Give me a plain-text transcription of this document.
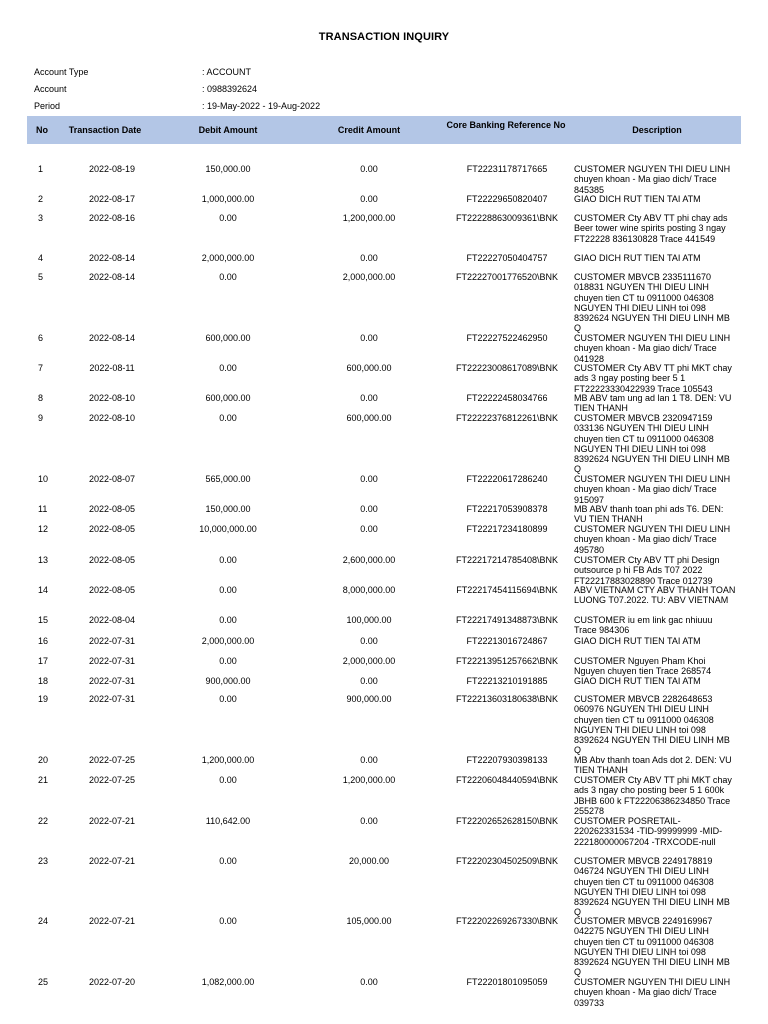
TRANSACTION INQUIRY
Account Type	: ACCOUNT
Account	: 0988392624
Period	: 19-May-2022 - 19-Aug-2022
No	Transaction Date	Debit Amount	Credit Amount	Core Banking Reference No	Description
1	2022-08-19	150,000.00	0.00	FT22231178717665	CUSTOMER NGUYEN THI DIEU LINH
chuyen khoan - Ma giao dich/ Trace
845385
2	2022-08-17	1,000,000.00	0.00	FT22229650820407	GIAO DICH RUT TIEN TAI ATM
3	2022-08-16	0.00	1,200,000.00	FT22228863009361\BNK	CUSTOMER Cty ABV TT phi chay ads
Beer tower wine spirits posting 3 ngay
FT22228 836130828 Trace 441549
4	2022-08-14	2,000,000.00	0.00	FT22227050404757	GIAO DICH RUT TIEN TAI ATM
5	2022-08-14	0.00	2,000,000.00	FT22227001776520\BNK	CUSTOMER MBVCB 2335111670
018831 NGUYEN THI DIEU LINH
chuyen tien CT tu 0911000 046308
NGUYEN THI DIEU LINH toi 098
8392624 NGUYEN THI DIEU LINH MB
Q
6	2022-08-14	600,000.00	0.00	FT22227522462950	CUSTOMER NGUYEN THI DIEU LINH
chuyen khoan - Ma giao dich/ Trace
041928
7	2022-08-11	0.00	600,000.00	FT22223008617089\BNK	CUSTOMER Cty ABV TT phi MKT chay
ads 3 ngay posting beer 5 1
FT22223330422939 Trace 105543
8	2022-08-10	600,000.00	0.00	FT22222458034766	MB ABV tam ung ad lan 1 T8. DEN: VU
TIEN THANH
9	2022-08-10	0.00	600,000.00	FT22222376812261\BNK	CUSTOMER MBVCB 2320947159
033136 NGUYEN THI DIEU LINH
chuyen tien CT tu 0911000 046308
NGUYEN THI DIEU LINH toi 098
8392624 NGUYEN THI DIEU LINH MB
Q
10	2022-08-07	565,000.00	0.00	FT22220617286240	CUSTOMER NGUYEN THI DIEU LINH
chuyen khoan - Ma giao dich/ Trace
915097
11	2022-08-05	150,000.00	0.00	FT22217053908378	MB ABV thanh toan phi ads T6. DEN:
VU TIEN THANH
12	2022-08-05	10,000,000.00	0.00	FT22217234180899	CUSTOMER NGUYEN THI DIEU LINH
chuyen khoan - Ma giao dich/ Trace
495780
13	2022-08-05	0.00	2,600,000.00	FT22217214785408\BNK	CUSTOMER Cty ABV TT phi Design
outsource p hi FB Ads T07 2022
FT22217883028890 Trace 012739
14	2022-08-05	0.00	8,000,000.00	FT22217454115694\BNK	ABV VIETNAM CTY ABV THANH TOAN
LUONG T07.2022. TU: ABV VIETNAM
15	2022-08-04	0.00	100,000.00	FT22217491348873\BNK	CUSTOMER iu em link gac nhiuuu
Trace 984306
16	2022-07-31	2,000,000.00	0.00	FT22213016724867	GIAO DICH RUT TIEN TAI ATM
17	2022-07-31	0.00	2,000,000.00	FT22213951257662\BNK	CUSTOMER Nguyen Pham Khoi
Nguyen chuyen tien Trace 268574
18	2022-07-31	900,000.00	0.00	FT22213210191885	GIAO DICH RUT TIEN TAI ATM
19	2022-07-31	0.00	900,000.00	FT22213603180638\BNK	CUSTOMER MBVCB 2282648653
060976 NGUYEN THI DIEU LINH
chuyen tien CT tu 0911000 046308
NGUYEN THI DIEU LINH toi 098
8392624 NGUYEN THI DIEU LINH MB
Q
20	2022-07-25	1,200,000.00	0.00	FT22207930398133	MB Abv thanh toan Ads dot 2. DEN: VU
TIEN THANH
21	2022-07-25	0.00	1,200,000.00	FT22206048440594\BNK	CUSTOMER Cty ABV TT phi MKT chay
ads 3 ngay cho posting beer 5 1 600k
JBHB 600 k FT22206386234850 Trace
255278
22	2022-07-21	110,642.00	0.00	FT22202652628150\BNK	CUSTOMER POSRETAIL-
220262331534 -TID-99999999 -MID-
222180000067204 -TRXCODE-null
23	2022-07-21	0.00	20,000.00	FT22202304502509\BNK	CUSTOMER MBVCB 2249178819
046724 NGUYEN THI DIEU LINH
chuyen tien CT tu 0911000 046308
NGUYEN THI DIEU LINH toi 098
8392624 NGUYEN THI DIEU LINH MB
Q
24	2022-07-21	0.00	105,000.00	FT22202269267330\BNK	CUSTOMER MBVCB 2249169967
042275 NGUYEN THI DIEU LINH
chuyen tien CT tu 0911000 046308
NGUYEN THI DIEU LINH toi 098
8392624 NGUYEN THI DIEU LINH MB
Q
25	2022-07-20	1,082,000.00	0.00	FT22201801095059	CUSTOMER NGUYEN THI DIEU LINH
chuyen khoan - Ma giao dich/ Trace
039733
